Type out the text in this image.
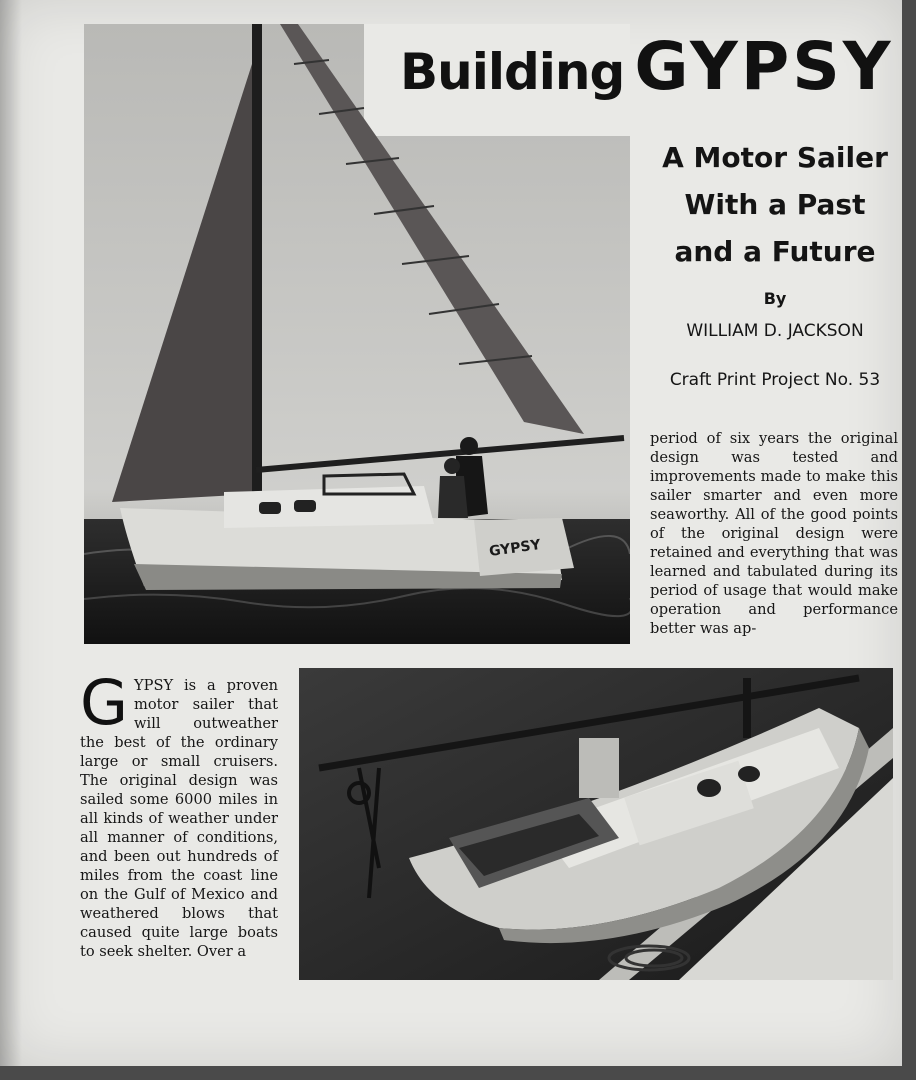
GYPSY
Building GYPSY
A Motor Sailer
With a Past
and a Future
By
WILLIAM D. JACKSON
Craft Print Project No. 53
period of six years the original design was tested and improvements made to make this sailer smarter and even more seaworthy. All of the good points of the original design were retained and everything that was learned and tabulated during its period of usage that would make operation and performance better was ap-
GYPSY is a proven motor sailer that will outweather the best of the ordinary large or small cruisers. The original design was sailed some 6000 miles in all kinds of weather under all manner of conditions, and been out hundreds of miles from the coast line on the Gulf of Mexico and weathered blows that caused quite large boats to seek shelter. Over a
